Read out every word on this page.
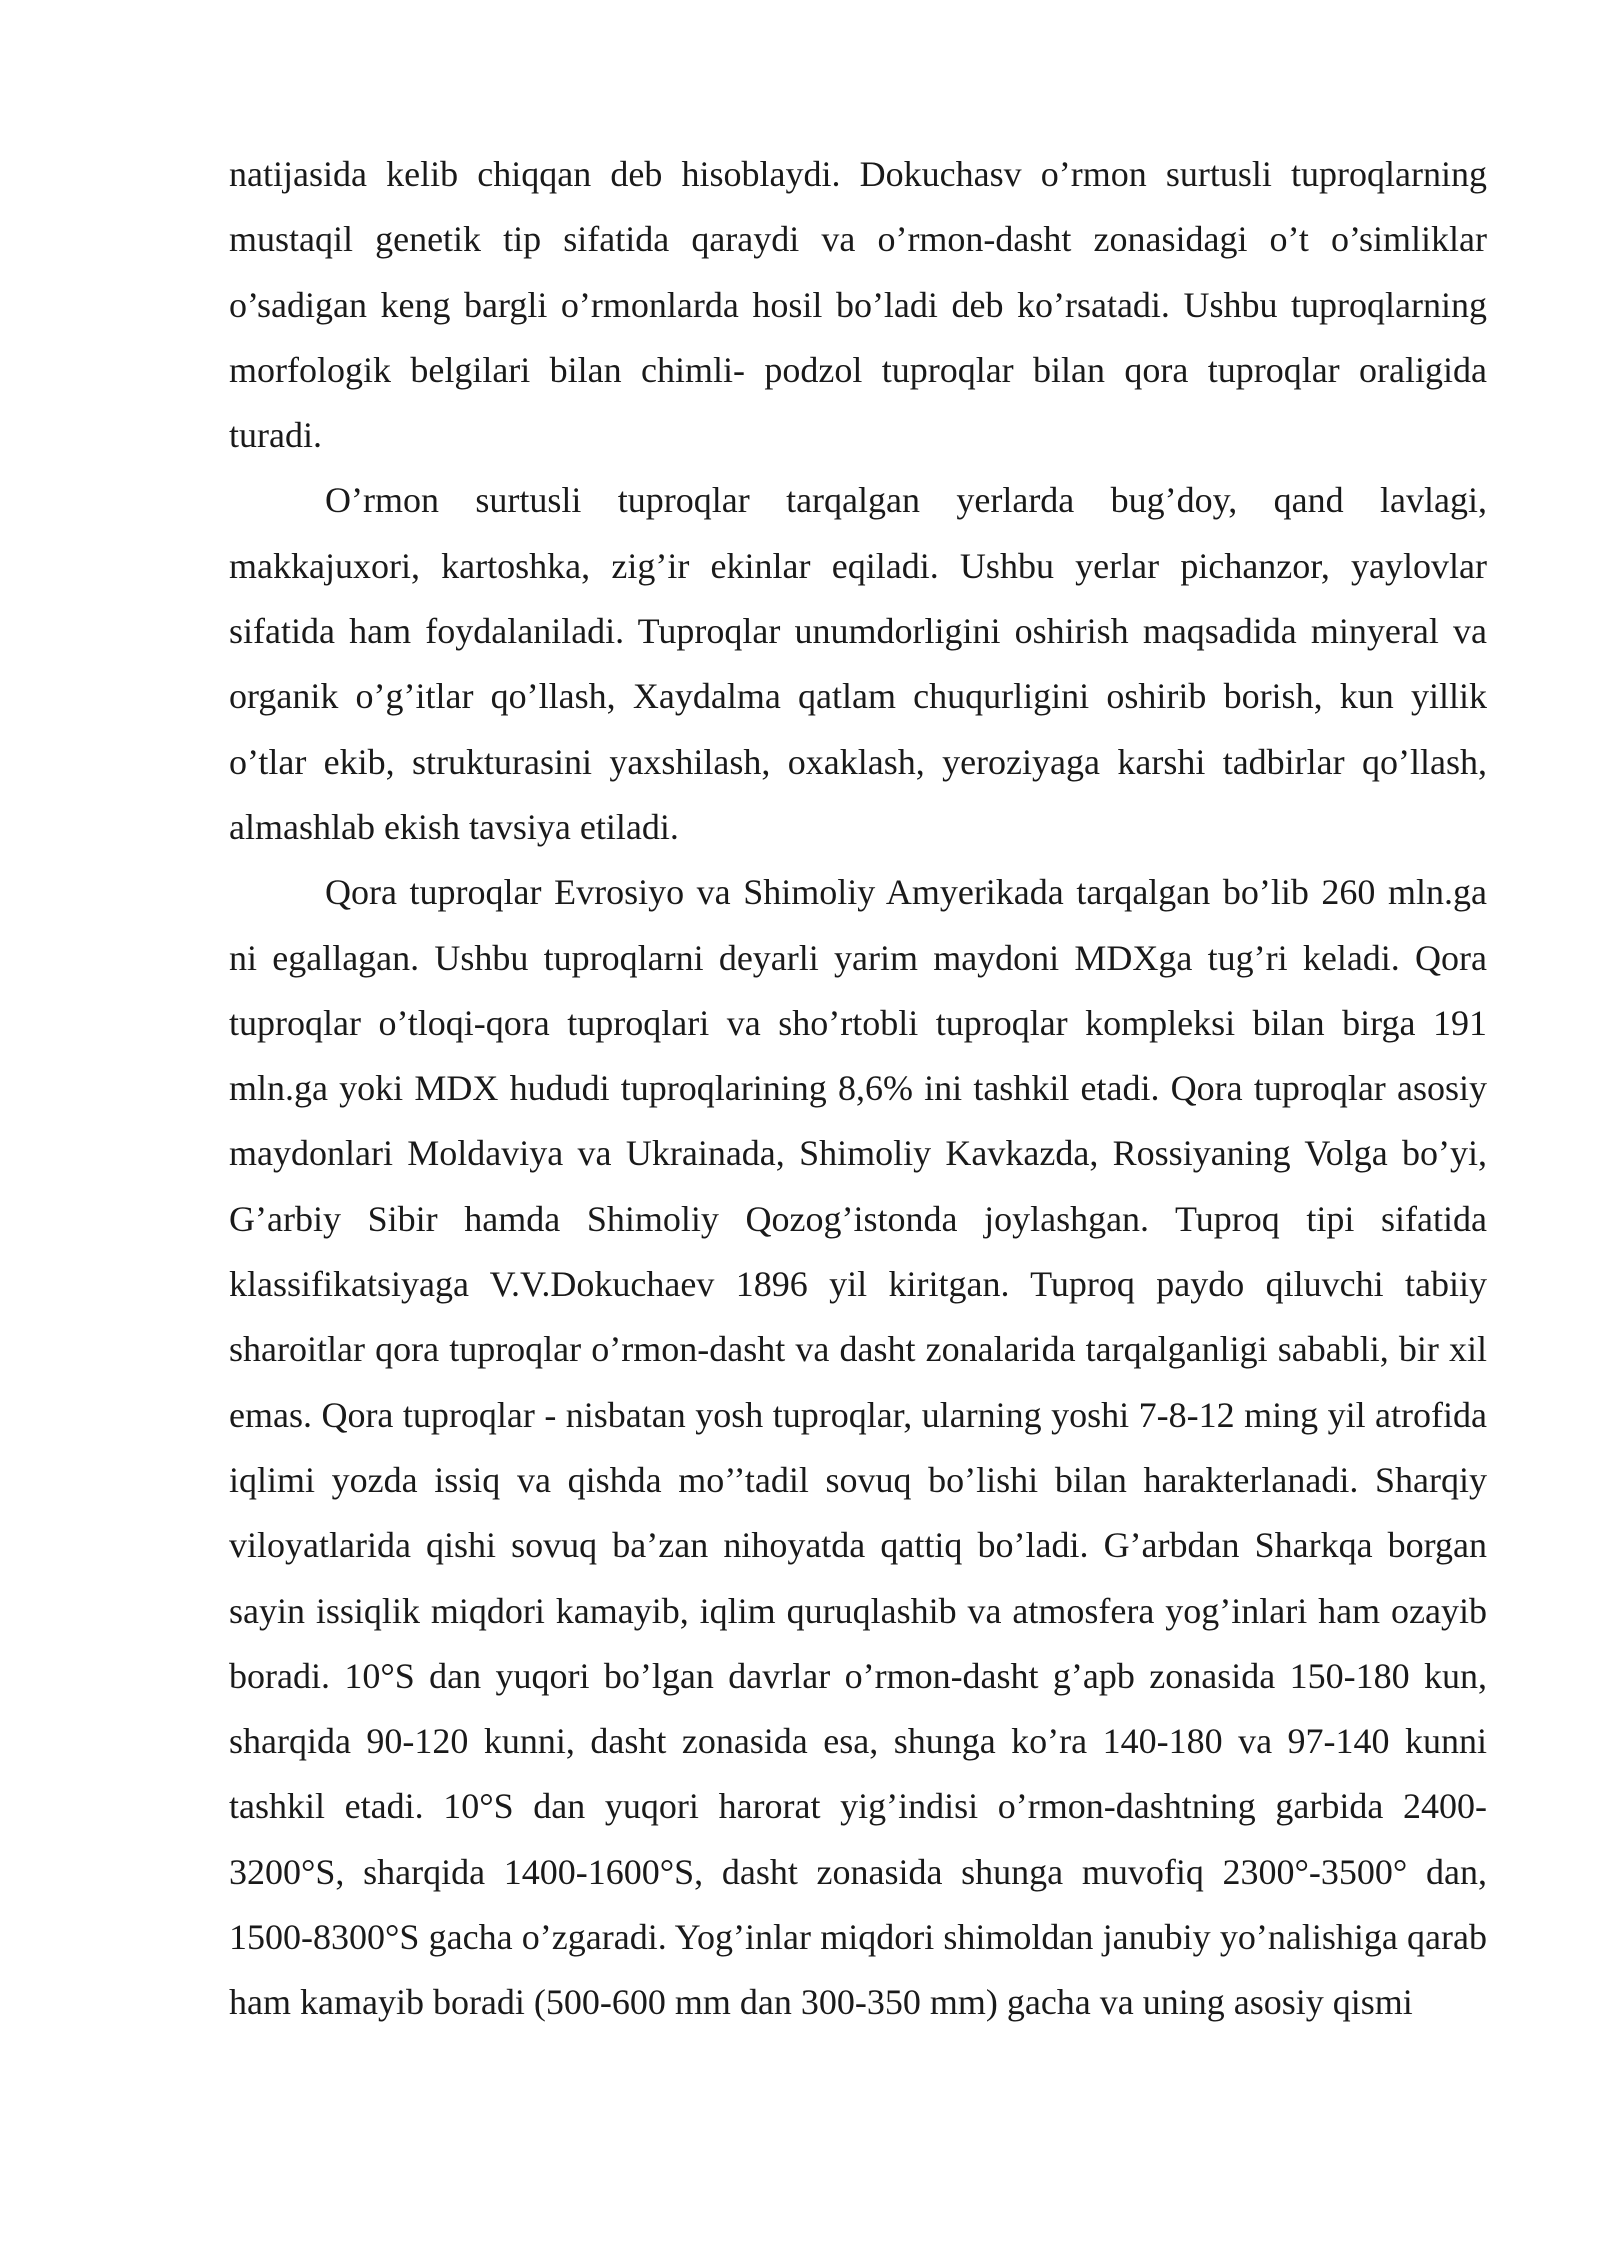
natijasida kelib chiqqan deb hisoblaydi. Dokuchasv o’rmon surtusli tuproqlarning mustaqil genetik tip sifatida qaraydi va o’rmon-dasht zonasidagi o’t o’simliklar o’sadigan keng bargli o’rmonlarda hosil bo’ladi deb ko’rsatadi. Ushbu tuproqlarning morfologik belgilari bilan chimli- podzol tuproqlar bilan qora tuproqlar oraligida turadi.

O’rmon surtusli tuproqlar tarqalgan yerlarda bug’doy, qand lavlagi, makkajuxori, kartoshka, zig’ir ekinlar eqiladi. Ushbu yerlar pichanzor, yaylovlar sifatida ham foydalaniladi. Tuproqlar unumdorligini oshirish maqsadida minyeral va organik o’g’itlar qo’llash, Xaydalma qatlam chuqurligini oshirib borish, kun yillik o’tlar ekib, strukturasini yaxshilash, oxaklash, yeroziyaga karshi tadbirlar qo’llash, almashlab ekish tavsiya etiladi.

Qora tuproqlar Evrosiyo va Shimoliy Amyerikada tarqalgan bo’lib 260 mln.ga ni egallagan. Ushbu tuproqlarni deyarli yarim maydoni MDXga tug’ri keladi. Qora tuproqlar o’tloqi-qora tuproqlari va sho’rtobli tuproqlar kompleksi bilan birga 191 mln.ga yoki MDX hududi tuproqlarining 8,6% ini tashkil etadi. Qora tuproqlar asosiy maydonlari Moldaviya va Ukrainada, Shimoliy Kavkazda, Rossiyaning Volga bo’yi, G’arbiy Sibir hamda Shimoliy Qozog’istonda joylashgan. Tuproq tipi sifatida klassifikatsiyaga V.V.Dokuchaev 1896 yil kiritgan. Tuproq paydo qiluvchi tabiiy sharoitlar qora tuproqlar o’rmon-dasht va dasht zonalarida tarqalganligi sababli, bir xil emas. Qora tuproqlar - nisbatan yosh tuproqlar, ularning yoshi 7-8-12 ming yil atrofida iqlimi yozda issiq va qishda mo’’tadil sovuq bo’lishi bilan harakterlanadi. Sharqiy viloyatlarida qishi sovuq ba’zan nihoyatda qattiq bo’ladi. G’arbdan Sharkqa borgan sayin issiqlik miqdori kamayib, iqlim quruqlashib va atmosfera yog’inlari ham ozayib boradi. 10°S dan yuqori bo’lgan davrlar o’rmon-dasht g’apb zonasida 150-180 kun, sharqida 90-120 kunni, dasht zonasida esa, shunga ko’ra 140-180 va 97-140 kunni tashkil etadi. 10°S dan yuqori harorat yig’indisi o’rmon-dashtning garbida 2400- 3200°S, sharqida 1400-1600°S, dasht zonasida shunga muvofiq 2300°-3500° dan, 1500-8300°S gacha o’zgaradi. Yog’inlar miqdori shimoldan janubiy yo’nalishiga qarab ham kamayib boradi (500-600 mm dan 300-350 mm) gacha va uning asosiy qismi
